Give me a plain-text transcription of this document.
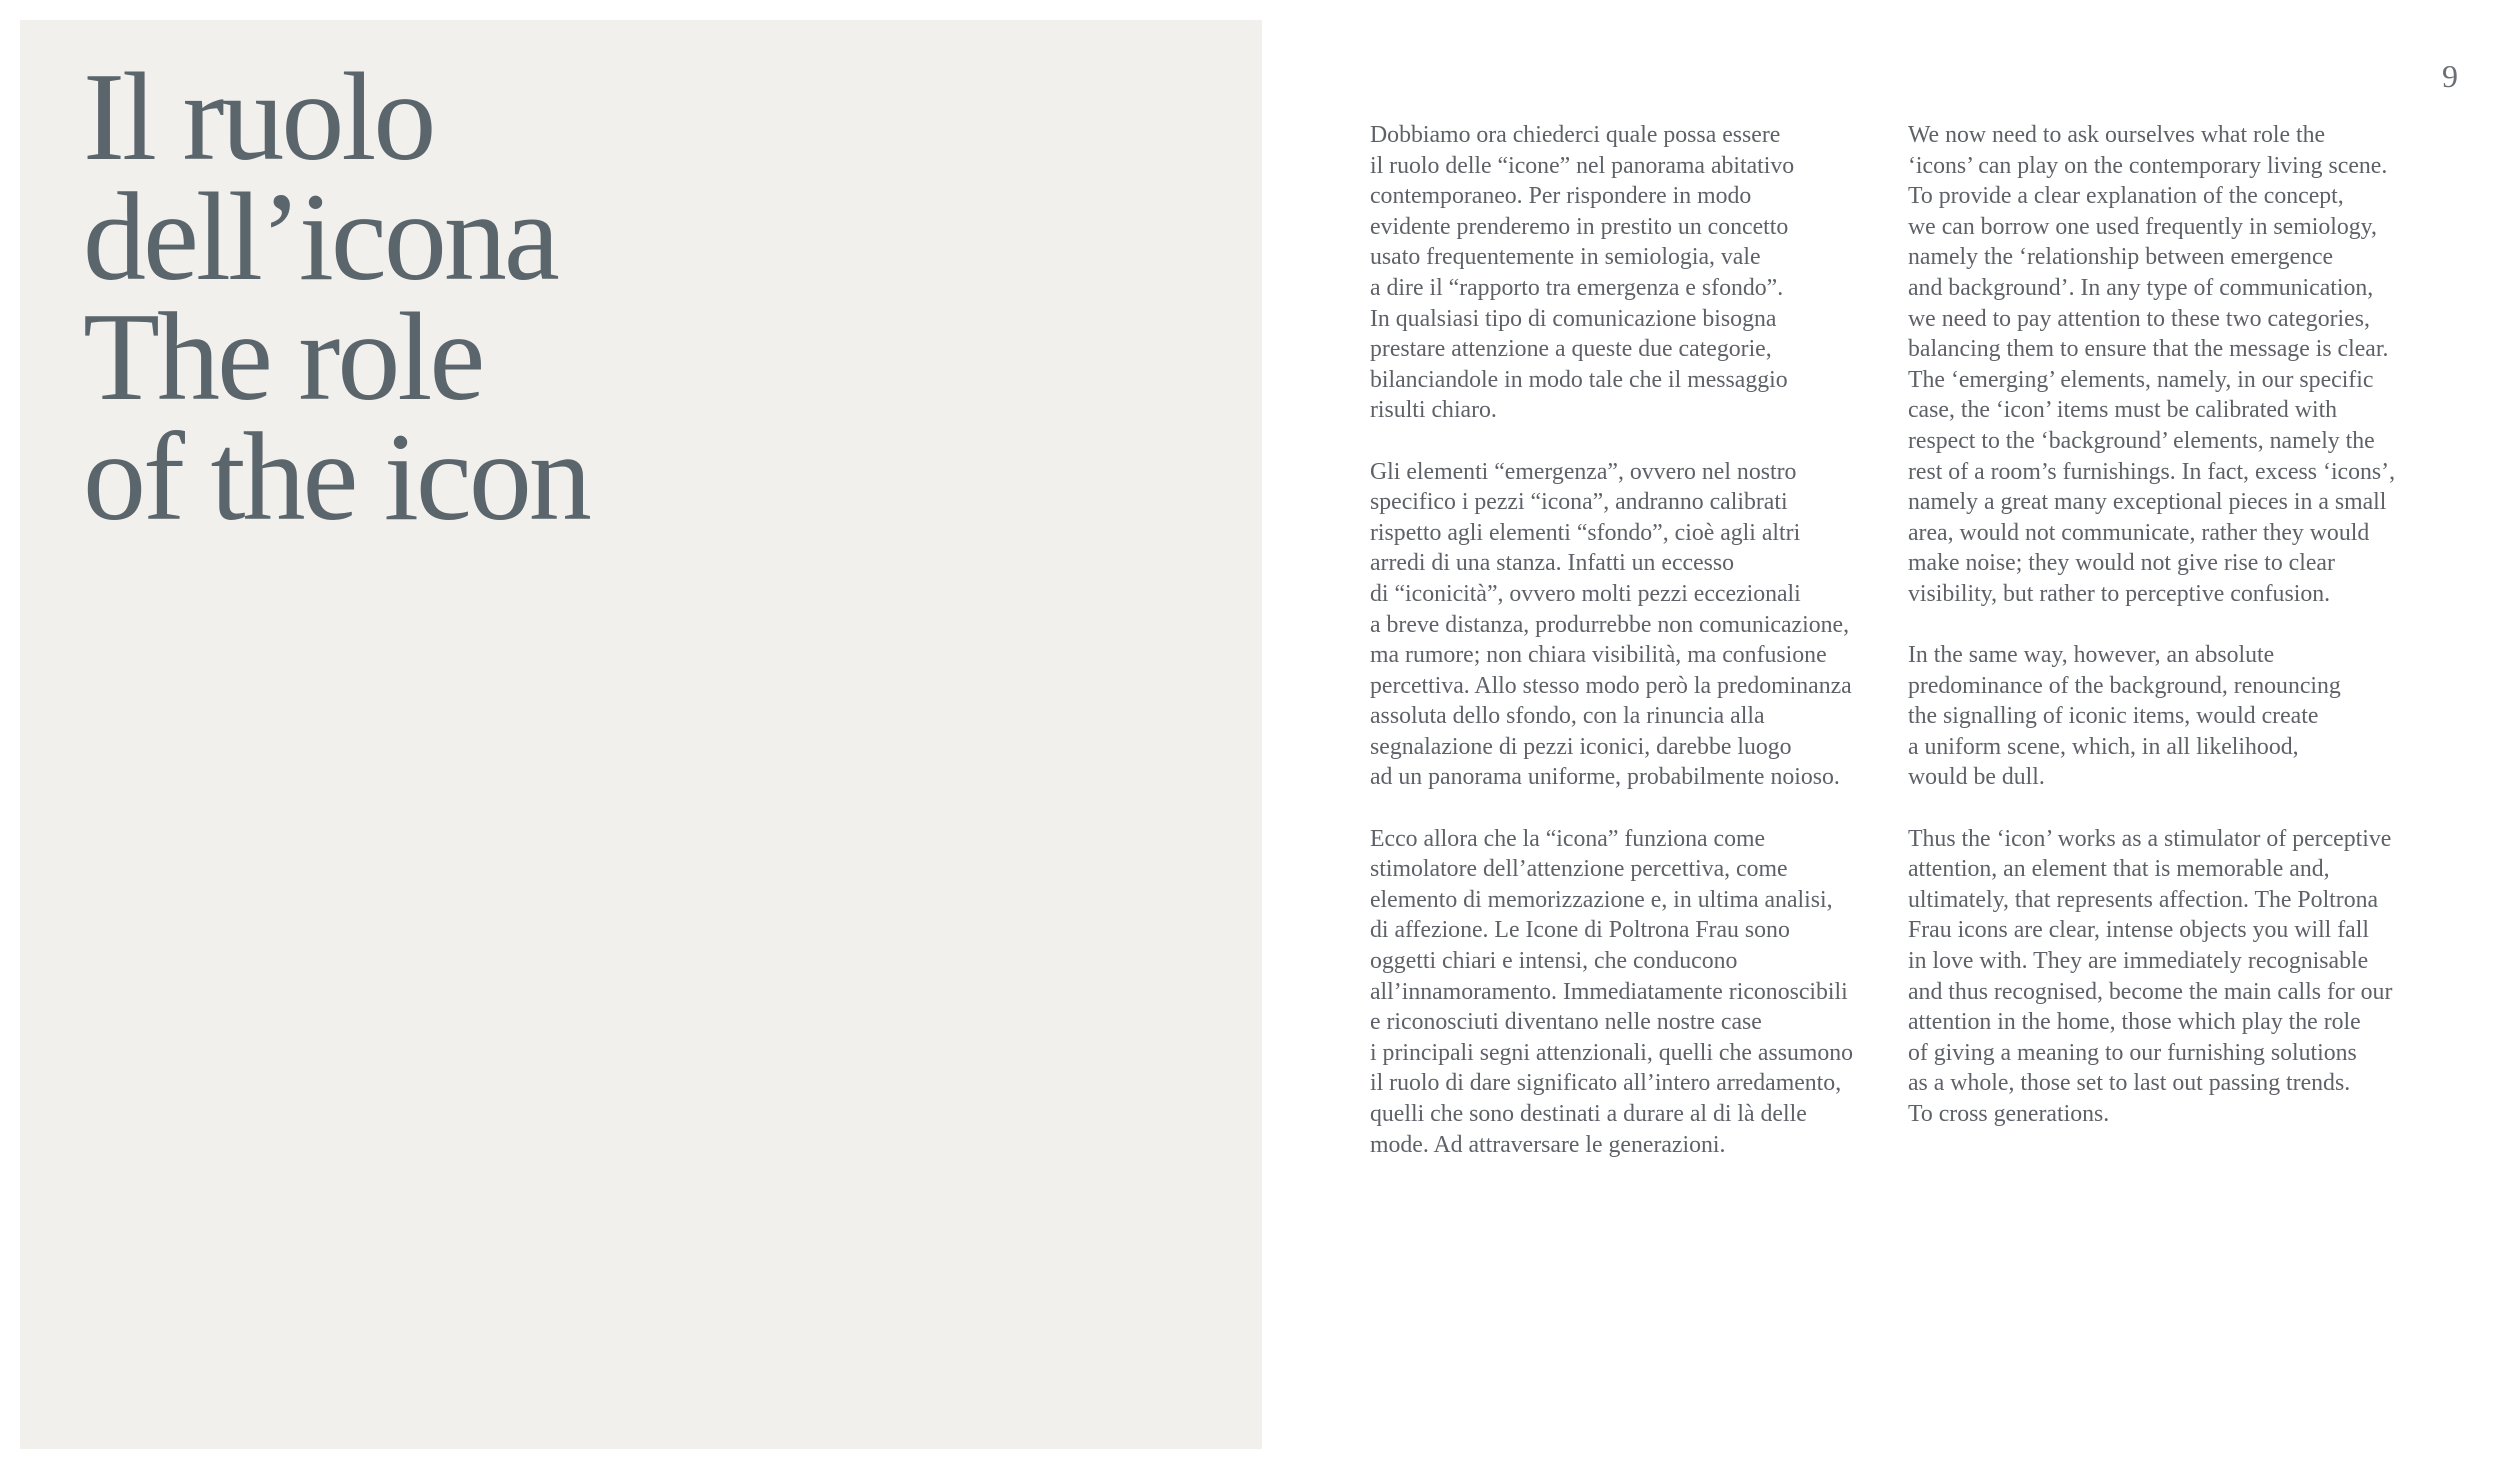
Il ruolo
dell’icona
The role
of the icon
9

Dobbiamo ora chiederci quale possa essere
il ruolo delle “icone” nel panorama abitativo
contemporaneo. Per rispondere in modo
evidente prenderemo in prestito un concetto
usato frequentemente in semiologia, vale
a dire il “rapporto tra emergenza e sfondo”.
In qualsiasi tipo di comunicazione bisogna
prestare attenzione a queste due categorie,
bilanciandole in modo tale che il messaggio
risulti chiaro.

Gli elementi “emergenza”, ovvero nel nostro
specifico i pezzi “icona”, andranno calibrati
rispetto agli elementi “sfondo”, cioè agli altri
arredi di una stanza. Infatti un eccesso
di “iconicità”, ovvero molti pezzi eccezionali
a breve distanza, produrrebbe non comunicazione,
ma rumore; non chiara visibilità, ma confusione
percettiva. Allo stesso modo però la predominanza
assoluta dello sfondo, con la rinuncia alla
segnalazione di pezzi iconici, darebbe luogo
ad un panorama uniforme, probabilmente noioso.

Ecco allora che la “icona” funziona come
stimolatore dell’attenzione percettiva, come
elemento di memorizzazione e, in ultima analisi,
di affezione. Le Icone di Poltrona Frau sono
oggetti chiari e intensi, che conducono
all’innamoramento. Immediatamente riconoscibili
e riconosciuti diventano nelle nostre case
i principali segni attenzionali, quelli che assumono
il ruolo di dare significato all’intero arredamento,
quelli che sono destinati a durare al di là delle
mode. Ad attraversare le generazioni.

We now need to ask ourselves what role the
‘icons’ can play on the contemporary living scene.
To provide a clear explanation of the concept,
we can borrow one used frequently in semiology,
namely the ‘relationship between emergence
and background’. In any type of communication,
we need to pay attention to these two categories,
balancing them to ensure that the message is clear.
The ‘emerging’ elements, namely, in our specific
case, the ‘icon’ items must be calibrated with
respect to the ‘background’ elements, namely the
rest of a room’s furnishings. In fact, excess ‘icons’,
namely a great many exceptional pieces in a small
area, would not communicate, rather they would
make noise; they would not give rise to clear
visibility, but rather to perceptive confusion.

In the same way, however, an absolute
predominance of the background, renouncing
the signalling of iconic items, would create
a uniform scene, which, in all likelihood,
would be dull.

Thus the ‘icon’ works as a stimulator of perceptive
attention, an element that is memorable and,
ultimately, that represents affection. The Poltrona
Frau icons are clear, intense objects you will fall
in love with. They are immediately recognisable
and thus recognised, become the main calls for our
attention in the home, those which play the role
of giving a meaning to our furnishing solutions
as a whole, those set to last out passing trends.
To cross generations.
